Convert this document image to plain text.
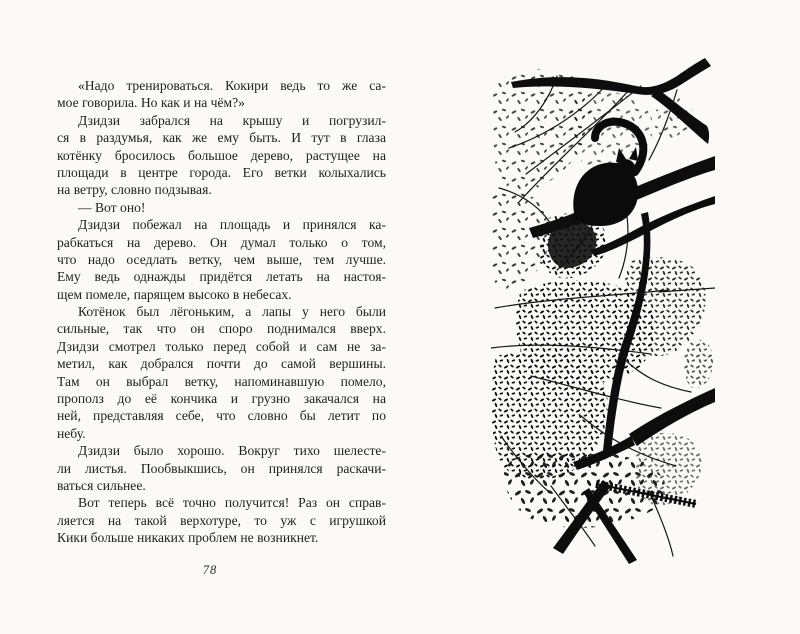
«Надо тренироваться. Кокири ведь то же са-
мое говорила. Но как и на чём?»
Дзидзи забрался на крышу и погрузил-
ся в раздумья, как же ему быть. И тут в глаза
котёнку бросилось большое дерево, растущее на
площади в центре города. Его ветки колыхались
на ветру, словно подзывая.
— Вот оно!
Дзидзи побежал на площадь и принялся ка-
рабкаться на дерево. Он думал только о том,
что надо оседлать ветку, чем выше, тем лучше.
Ему ведь однажды придётся летать на настоя-
щем помеле, парящем высоко в небесах.
Котёнок был лёгоньким, а лапы у него были
сильные, так что он споро поднимался вверх.
Дзидзи смотрел только перед собой и сам не за-
метил, как добрался почти до самой вершины.
Там он выбрал ветку, напоминавшую помело,
прополз до её кончика и грузно закачался на
ней, представляя себе, что словно бы летит по
небу.
Дзидзи было хорошо. Вокруг тихо шелесте-
ли листья. Пообвыкшись, он принялся раскачи-
ваться сильнее.
Вот теперь всё точно получится! Раз он справ-
ляется на такой верхотуре, то уж с игрушкой
Кики больше никаких проблем не возникнет.
78
